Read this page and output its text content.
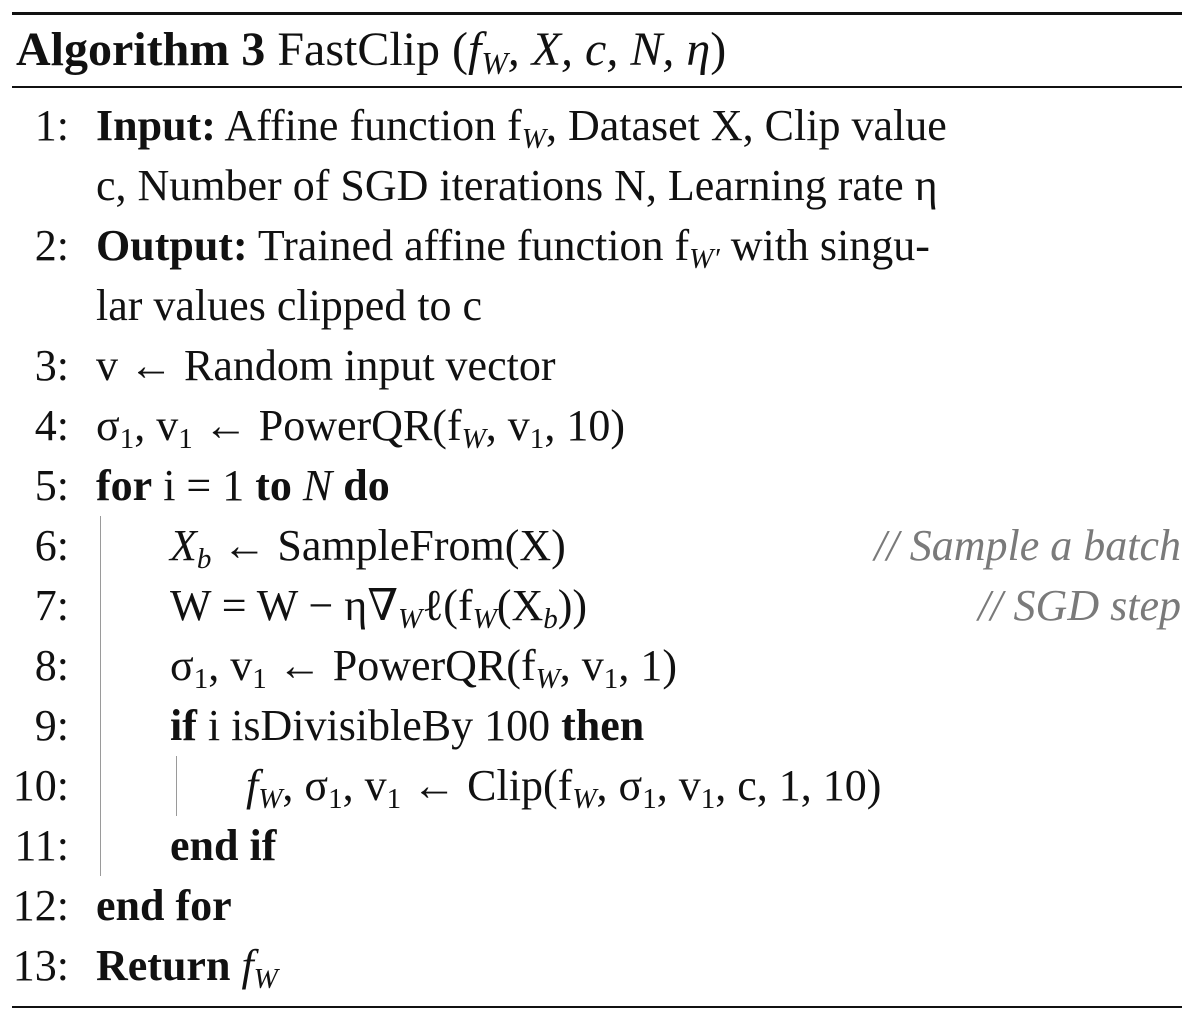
Algorithm 3 FastClip ($f_W$, X, c, N, η)
1: Input: Affine function $f_W$, Dataset X, Clip value
c, Number of SGD iterations N, Learning rate η
2: Output: Trained affine function $f_{W'}$ with singu-
lar values clipped to c
3: v ← Random input vector
4: $\sigma_1$, $v_1$ ← $PowerQR(f_W$, $v_1$, 10)
5: for i = 1 to N do
6: $X_b$ ← SampleFrom(X)	// Sample a batch
7: $W = W - \eta\nabla_W\ell(f_W(X_b))$	// SGD step
8: $\sigma_1$, $v_1$ ← $PowerQR(f_W$, $v_1$, 1)
9: if i isDivisibleBy 100 then
10:	$f_W$, $\sigma_1$, $v_1$ ← $Clip(f_W$, $\sigma_1$, $v_1$, c, 1, 10)
11: end if
12: end for
13: Return $f_W$
